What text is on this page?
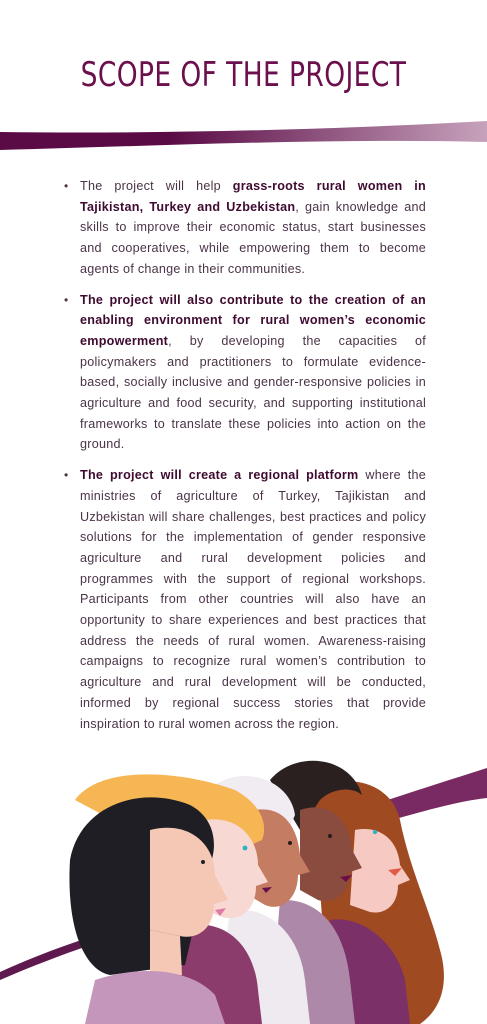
SCOPE OF THE PROJECT
• The project will help grass-roots rural women in Tajikistan, Turkey and Uzbekistan, gain knowledge and skills to improve their economic status, start businesses and cooperatives, while empowering them to become agents of change in their communities.
• The project will also contribute to the creation of an enabling environment for rural women’s economic empowerment, by developing the capacities of policymakers and practitioners to formulate evidence-based, socially inclusive and gender-responsive policies in agriculture and food security, and supporting institutional frameworks to translate these policies into action on the ground.
• The project will create a regional platform where the ministries of agriculture of Turkey, Tajikistan and Uzbekistan will share challenges, best practices and policy solutions for the implementation of gender responsive agriculture and rural development policies and programmes with the support of regional workshops. Participants from other countries will also have an opportunity to share experiences and best practices that address the needs of rural women. Awareness-raising campaigns to recognize rural women’s contribution to agriculture and rural development will be conducted, informed by regional success stories that provide inspiration to rural women across the region.
